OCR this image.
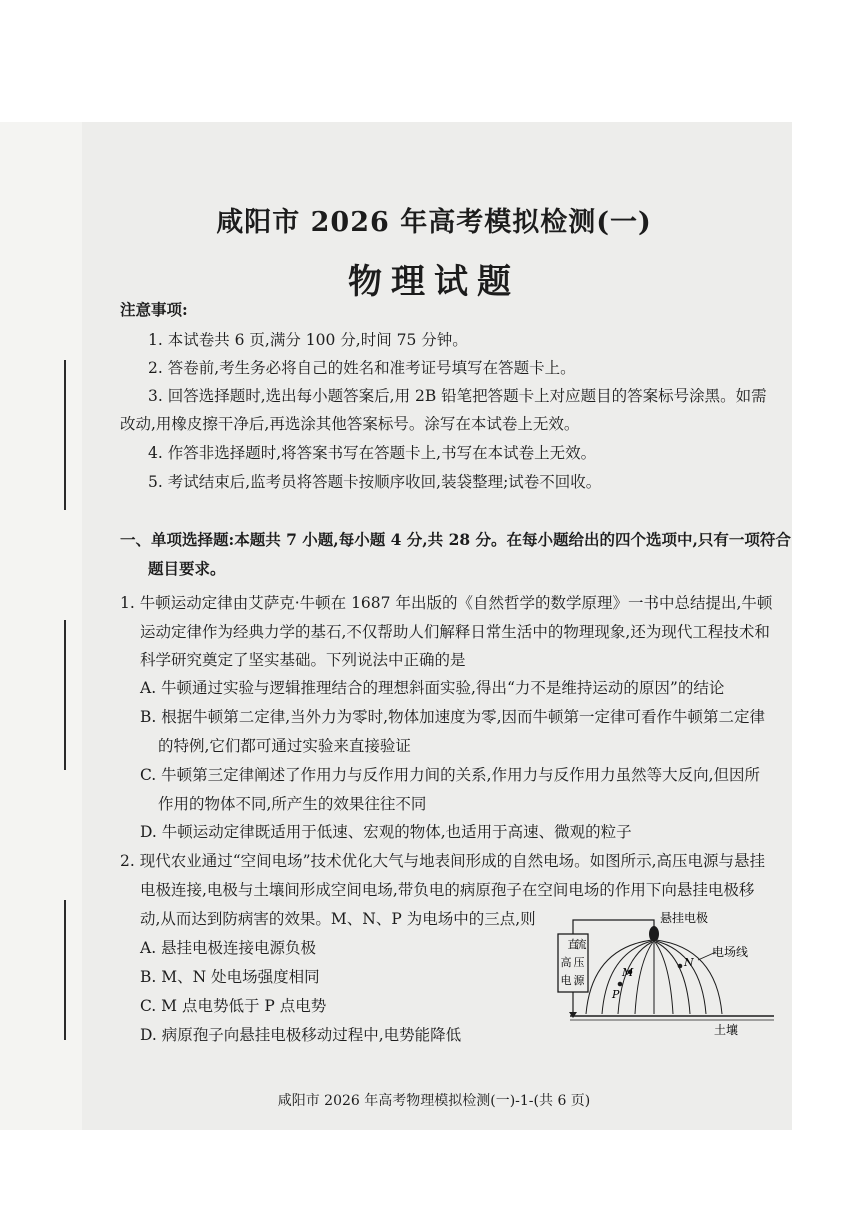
咸阳市 2026 年高考模拟检测(一)
物理试题
注意事项:
1. 本试卷共 6 页,满分 100 分,时间 75 分钟。
2. 答卷前,考生务必将自己的姓名和准考证号填写在答题卡上。
3. 回答选择题时,选出每小题答案后,用 2B 铅笔把答题卡上对应题目的答案标号涂黑。如需
改动,用橡皮擦干净后,再选涂其他答案标号。涂写在本试卷上无效。
4. 作答非选择题时,将答案书写在答题卡上,书写在本试卷上无效。
5. 考试结束后,监考员将答题卡按顺序收回,装袋整理;试卷不回收。
一、单项选择题:本题共 7 小题,每小题 4 分,共 28 分。在每小题给出的四个选项中,只有一项符合
题目要求。
1. 牛顿运动定律由艾萨克·牛顿在 1687 年出版的《自然哲学的数学原理》一书中总结提出,牛顿
运动定律作为经典力学的基石,不仅帮助人们解释日常生活中的物理现象,还为现代工程技术和
科学研究奠定了坚实基础。下列说法中正确的是
A. 牛顿通过实验与逻辑推理结合的理想斜面实验,得出“力不是维持运动的原因”的结论
B. 根据牛顿第二定律,当外力为零时,物体加速度为零,因而牛顿第一定律可看作牛顿第二定律
的特例,它们都可通过实验来直接验证
C. 牛顿第三定律阐述了作用力与反作用力间的关系,作用力与反作用力虽然等大反向,但因所
作用的物体不同,所产生的效果往往不同
D. 牛顿运动定律既适用于低速、宏观的物体,也适用于高速、微观的粒子
2. 现代农业通过“空间电场”技术优化大气与地表间形成的自然电场。如图所示,高压电源与悬挂
电极连接,电极与土壤间形成空间电场,带负电的病原孢子在空间电场的作用下向悬挂电极移
动,从而达到防病害的效果。M、N、P 为电场中的三点,则
A. 悬挂电极连接电源负极
B. M、N 处电场强度相同
C. M 点电势低于 P 点电势
D. 病原孢子向悬挂电极移动过程中,电势能降低
直
流
高 压
电 源
悬挂电极
电场线
M
N
P
土壤
咸阳市 2026 年高考物理模拟检测(一)-1-(共 6 页)
